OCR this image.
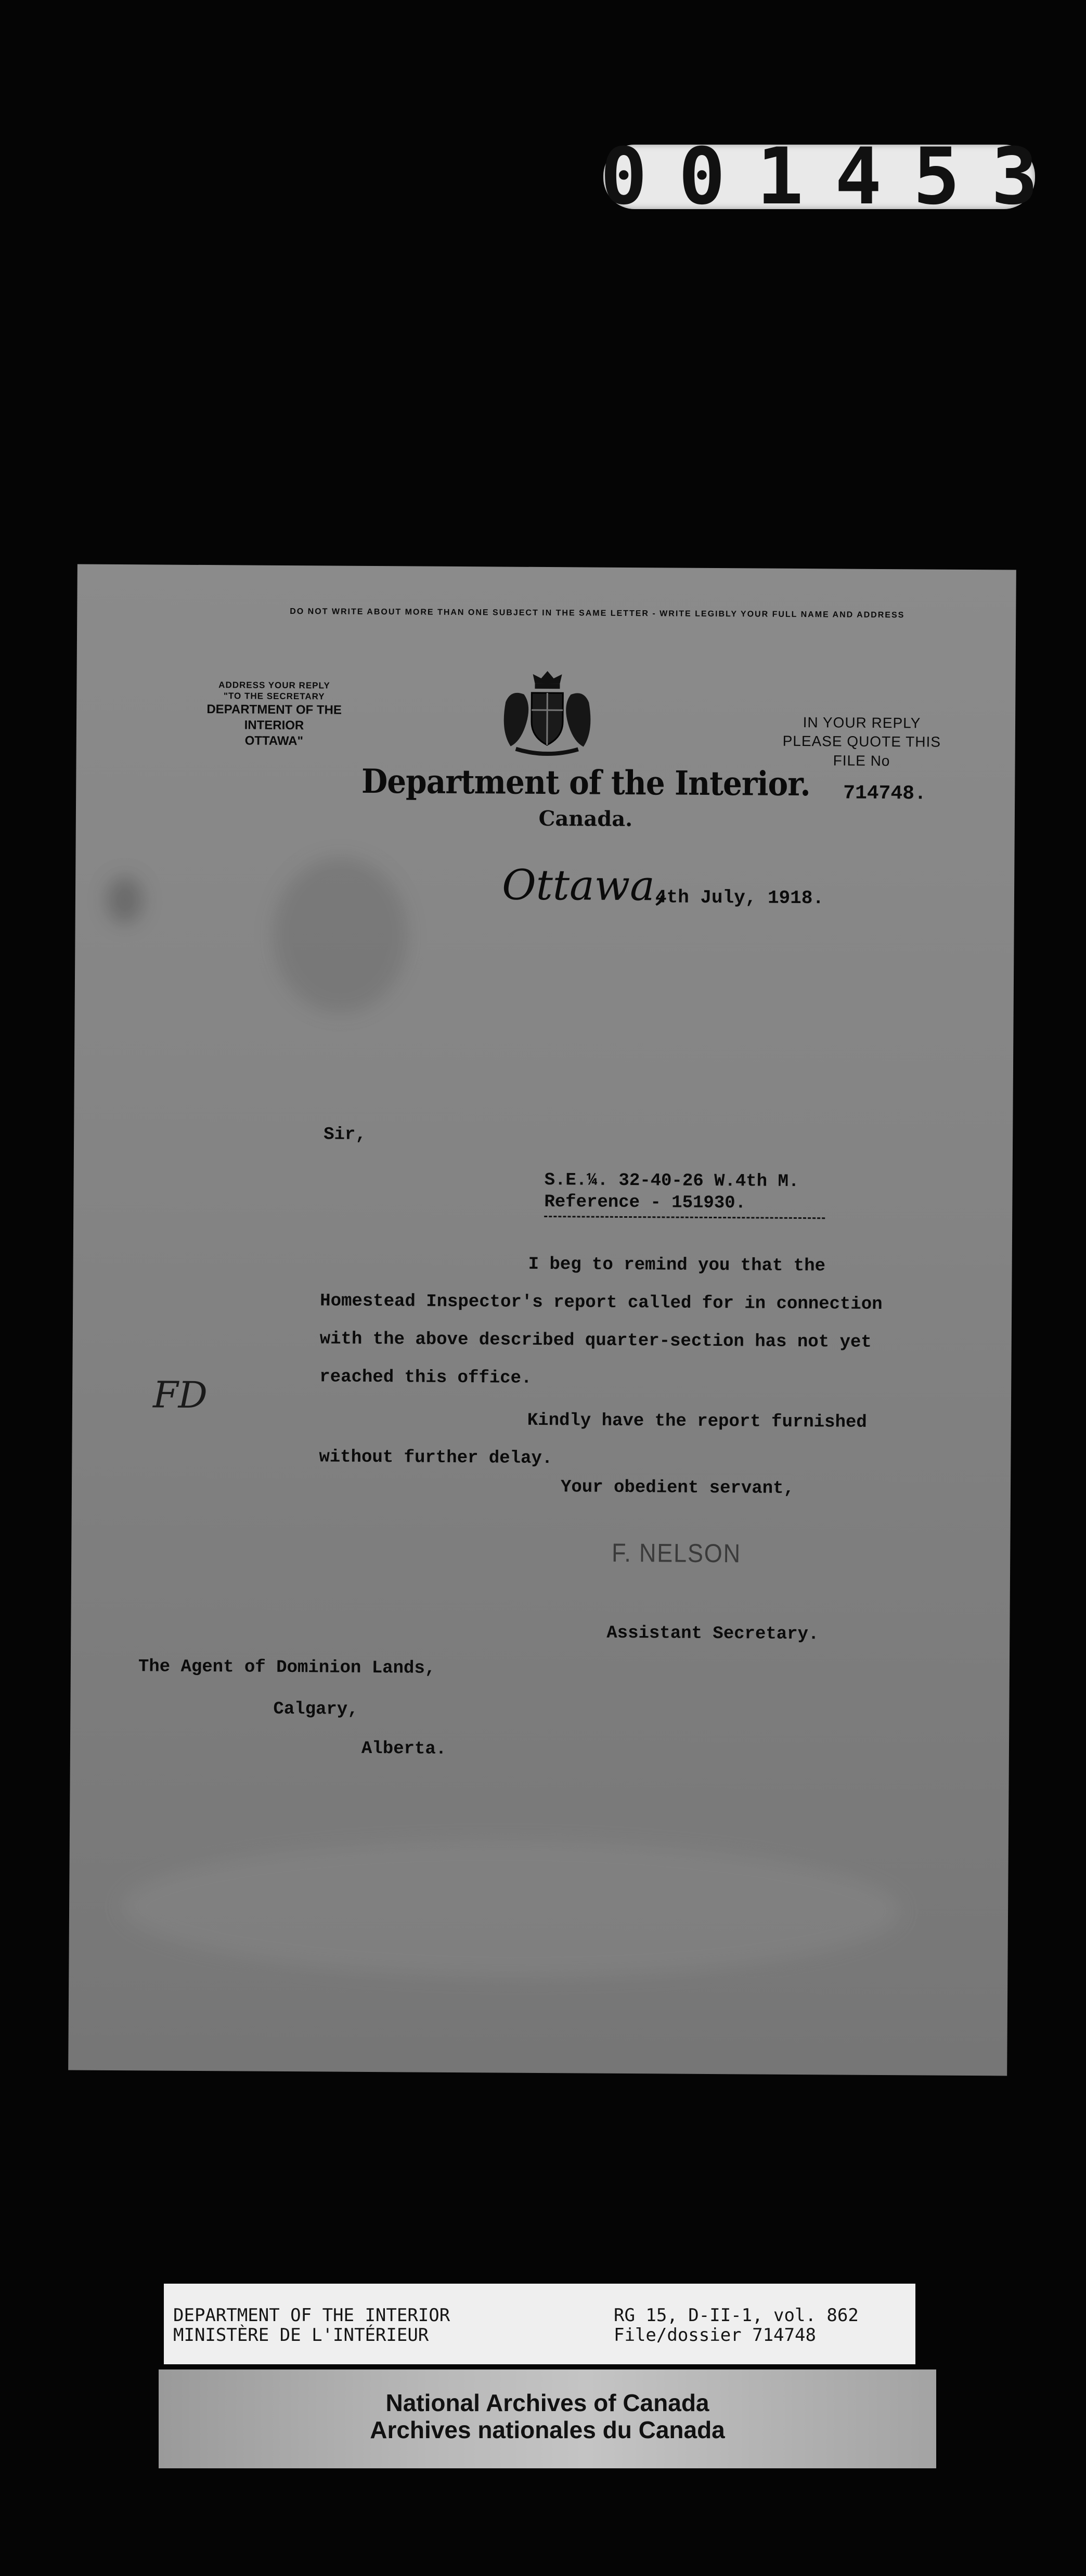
001453
DO NOT WRITE ABOUT MORE THAN ONE SUBJECT IN THE SAME LETTER - WRITE LEGIBLY YOUR FULL NAME AND ADDRESS
ADDRESS YOUR REPLY
"TO THE SECRETARY
DEPARTMENT OF THE INTERIOR
OTTAWA"
Department of the Interior.
Canada.
IN YOUR REPLY
PLEASE QUOTE THIS
FILE No
714748.
Ottawa,
4th July, 1918.
Sir,
S.E.¼. 32-40-26 W.4th M.
Reference - 151930.
I beg to remind you that the Homestead Inspector's report called for in connection with the above described quarter-section has not yet reached this office.
Kindly have the report furnished without further delay.
Your obedient servant,
F. NELSON
Assistant Secretary.
The Agent of Dominion Lands,
Calgary,
Alberta.
FD
DEPARTMENT OF THE INTERIOR
MINISTÈRE DE L'INTÉRIEUR
RG 15, D-II-1, vol. 862
File/dossier 714748
National Archives of Canada
Archives nationales du Canada
